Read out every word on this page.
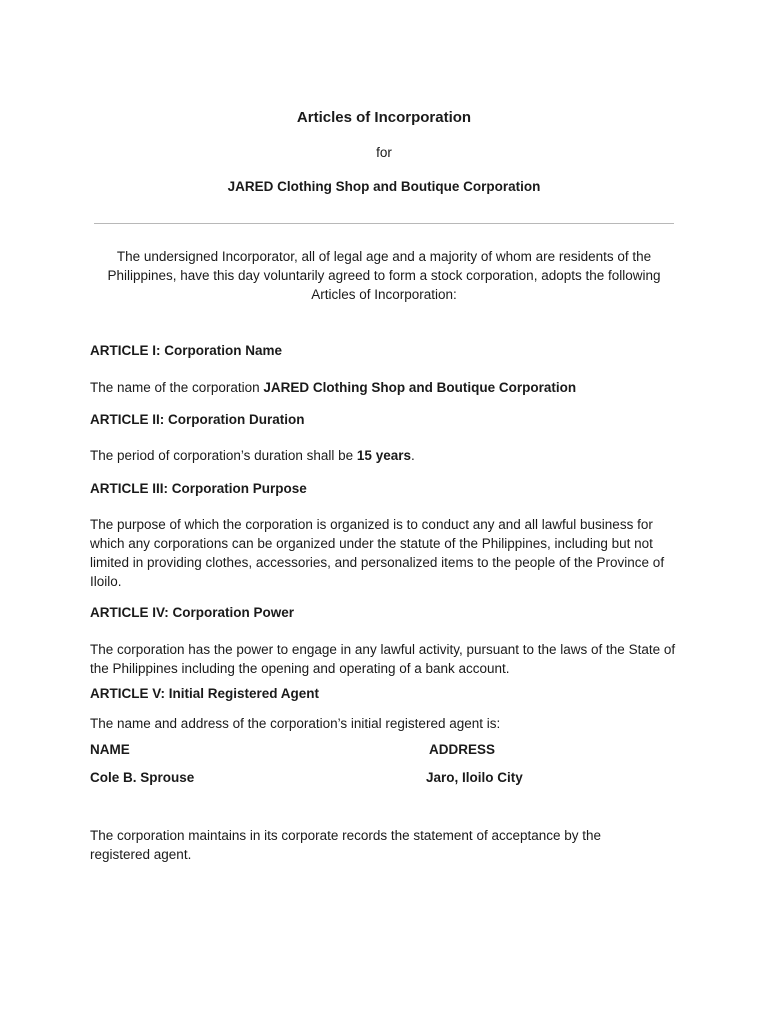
Articles of Incorporation

for

JARED Clothing Shop and Boutique Corporation

The undersigned Incorporator, all of legal age and a majority of whom are residents of the Philippines, have this day voluntarily agreed to form a stock corporation, adopts the following Articles of Incorporation:

ARTICLE I: Corporation Name

The name of the corporation JARED Clothing Shop and Boutique Corporation

ARTICLE II: Corporation Duration

The period of corporation’s duration shall be 15 years.

ARTICLE III: Corporation Purpose

The purpose of which the corporation is organized is to conduct any and all lawful business for which any corporations can be organized under the statute of the Philippines, including but not limited in providing clothes, accessories, and personalized items to the people of the Province of Iloilo.

ARTICLE IV: Corporation Power

The corporation has the power to engage in any lawful activity, pursuant to the laws of the State of the Philippines including the opening and operating of a bank account.

ARTICLE V: Initial Registered Agent

The name and address of the corporation’s initial registered agent is:

NAME	ADDRESS
Cole B. Sprouse	Jaro, Iloilo City

The corporation maintains in its corporate records the statement of acceptance by the registered agent.
